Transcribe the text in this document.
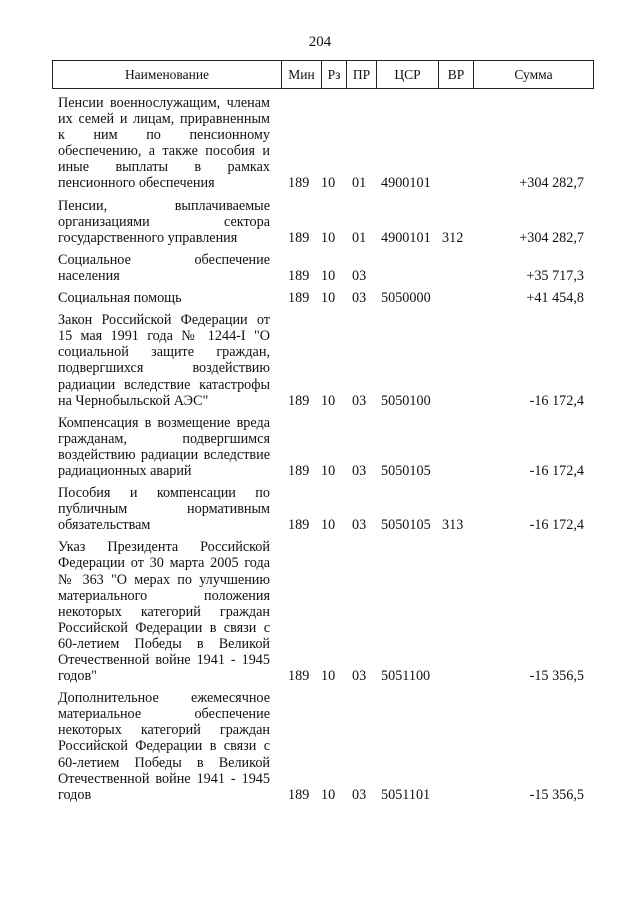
204
Наименование	Мин Рз ПР	ЦСР	ВР	Сумма
Пенсии военнослужащим, членам их семей и лицам, приравненным к ним по пенсионному обеспечению, а также пособия и иные выплаты в рамках пенсионного обеспечения	189 10 01 4900101	+304 282,7
Пенсии, выплачиваемые организациями сектора государственного управления	189 10 01 4900101 312	+304 282,7
Социальное обеспечение населения	189 10 03	+35 717,3
Социальная помощь	189 10 03 5050000	+41 454,8
Закон Российской Федерации от 15 мая 1991 года № 1244-I "О социальной защите граждан, подвергшихся воздействию радиации вследствие катастрофы на Чернобыльской АЭС"	189 10 03 5050100	-16 172,4
Компенсация в возмещение вреда гражданам, подвергшимся воздействию радиации вследствие радиационных аварий	189 10 03 5050105	-16 172,4
Пособия и компенсации по публичным нормативным обязательствам	189 10 03 5050105 313	-16 172,4
Указ Президента Российской Федерации от 30 марта 2005 года № 363 "О мерах по улучшению материального положения некоторых категорий граждан Российской Федерации в связи с 60-летием Победы в Великой Отечественной войне 1941 - 1945 годов"	189 10 03 5051100	-15 356,5
Дополнительное ежемесячное материальное обеспечение некоторых категорий граждан Российской Федерации в связи с 60-летием Победы в Великой Отечественной войне 1941 - 1945 годов	189 10 03 5051101	-15 356,5
